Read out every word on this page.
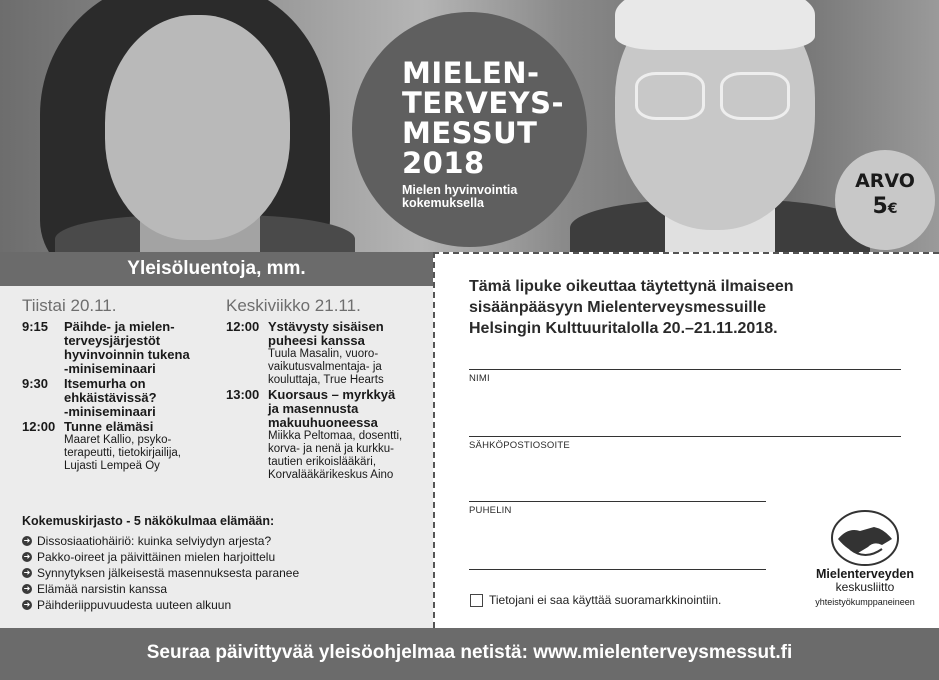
MIELEN-
TERVEYS-
MESSUT
2018
Mielen hyvinvointia
kokemuksella
ARVO
5€
Yleisöluentoja, mm.
Tiistai 20.11.
9:15	Päihde- ja mielen-
terveysjärjestöt
hyvinvoinnin tukena
-miniseminaari
9:30	Itsemurha on
ehkäistävissä?
-miniseminaari
12:00 Tunne elämäsi
Maaret Kallio, psyko-
terapeutti, tietokirjailija,
Lujasti Lempeä Oy
Keskiviikko 21.11.
12:00 Ystävysty sisäisen
puheesi kanssa
Tuula Masalin, vuoro-
vaikutusvalmentaja- ja
kouluttaja, True Hearts
13:00 Kuorsaus – myrkkyä
ja masennusta
makuuhuoneessa
Miikka Peltomaa, dosentti,
korva- ja nenä ja kurkku-
tautien erikoislääkäri,
Korvalääkärikeskus Aino
Kokemuskirjasto - 5 näkökulmaa elämään:
➜ Dissosiaatiohäiriö: kuinka selviydyn arjesta?
➜ Pakko-oireet ja päivittäinen mielen harjoittelu
➜ Synnytyksen jälkeisestä masennuksesta paranee
➜ Elämää narsistin kanssa
➜ Päihderiippuvuudesta uuteen alkuun
Tämä lipuke oikeuttaa täytettynä ilmaiseen
sisäänpääsyyn Mielenterveysmessuille
Helsingin Kulttuuritalolla 20.–21.11.2018.
NIMI
SÄHKÖPOSTIOSOITE
PUHELIN
Tietojani ei saa käyttää suoramarkkinointiin.
Mielenterveyden
keskusliitto
yhteistyökumppaneineen
Seuraa päivittyvää yleisöohjelmaa netistä: www.mielenterveysmessut.fi
